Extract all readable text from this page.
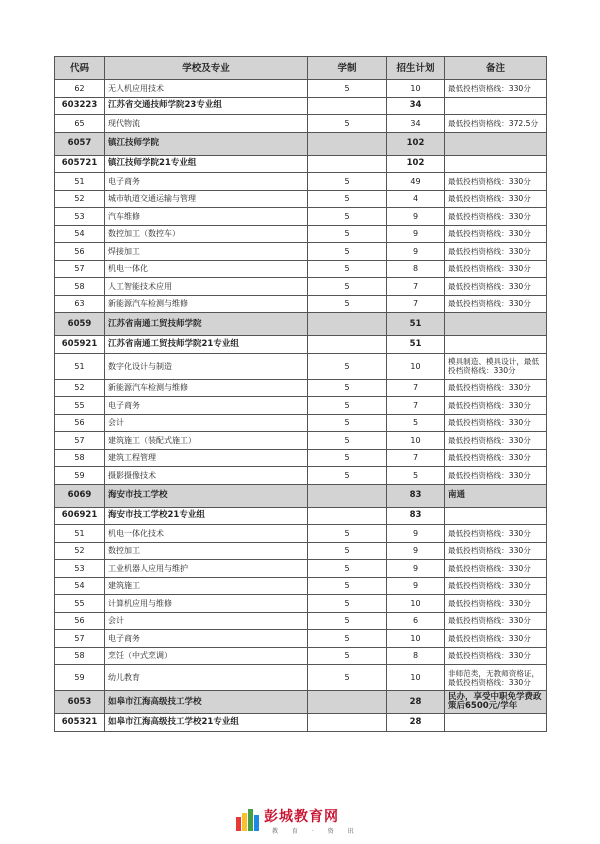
代码	学校及专业	学制	招生计划	备注
62	无人机应用技术	5	10	最低投档资格线：330分
603223	江苏省交通技师学院23专业组		34	
65	现代物流	5	34	最低投档资格线：372.5分
6057	镇江技师学院		102	
605721	镇江技师学院21专业组		102	
51	电子商务	5	49	最低投档资格线：330分
52	城市轨道交通运输与管理	5	4	最低投档资格线：330分
53	汽车维修	5	9	最低投档资格线：330分
54	数控加工（数控车）	5	9	最低投档资格线：330分
56	焊接加工	5	9	最低投档资格线：330分
57	机电一体化	5	8	最低投档资格线：330分
58	人工智能技术应用	5	7	最低投档资格线：330分
63	新能源汽车检测与维修	5	7	最低投档资格线：330分
6059	江苏省南通工贸技师学院		51	
605921	江苏省南通工贸技师学院21专业组		51	
51	数字化设计与制造	5	10	模具制造、模具设计，最低投档资格线：330分
52	新能源汽车检测与维修	5	7	最低投档资格线：330分
55	电子商务	5	7	最低投档资格线：330分
56	会计	5	5	最低投档资格线：330分
57	建筑施工（装配式施工）	5	10	最低投档资格线：330分
58	建筑工程管理	5	7	最低投档资格线：330分
59	摄影摄像技术	5	5	最低投档资格线：330分
6069	海安市技工学校		83	南通
606921	海安市技工学校21专业组		83	
51	机电一体化技术	5	9	最低投档资格线：330分
52	数控加工	5	9	最低投档资格线：330分
53	工业机器人应用与维护	5	9	最低投档资格线：330分
54	建筑施工	5	9	最低投档资格线：330分
55	计算机应用与维修	5	10	最低投档资格线：330分
56	会计	5	6	最低投档资格线：330分
57	电子商务	5	10	最低投档资格线：330分
58	烹饪（中式烹调）	5	8	最低投档资格线：330分
59	幼儿教育	5	10	非师范类，无教师资格证，最低投档资格线：330分
6053	如皋市江海高级技工学校		28	民办，享受中职免学费政策后6500元/学年
605321	如皋市江海高级技工学校21专业组		28	
彭城教育网
教 育 · 资 讯
